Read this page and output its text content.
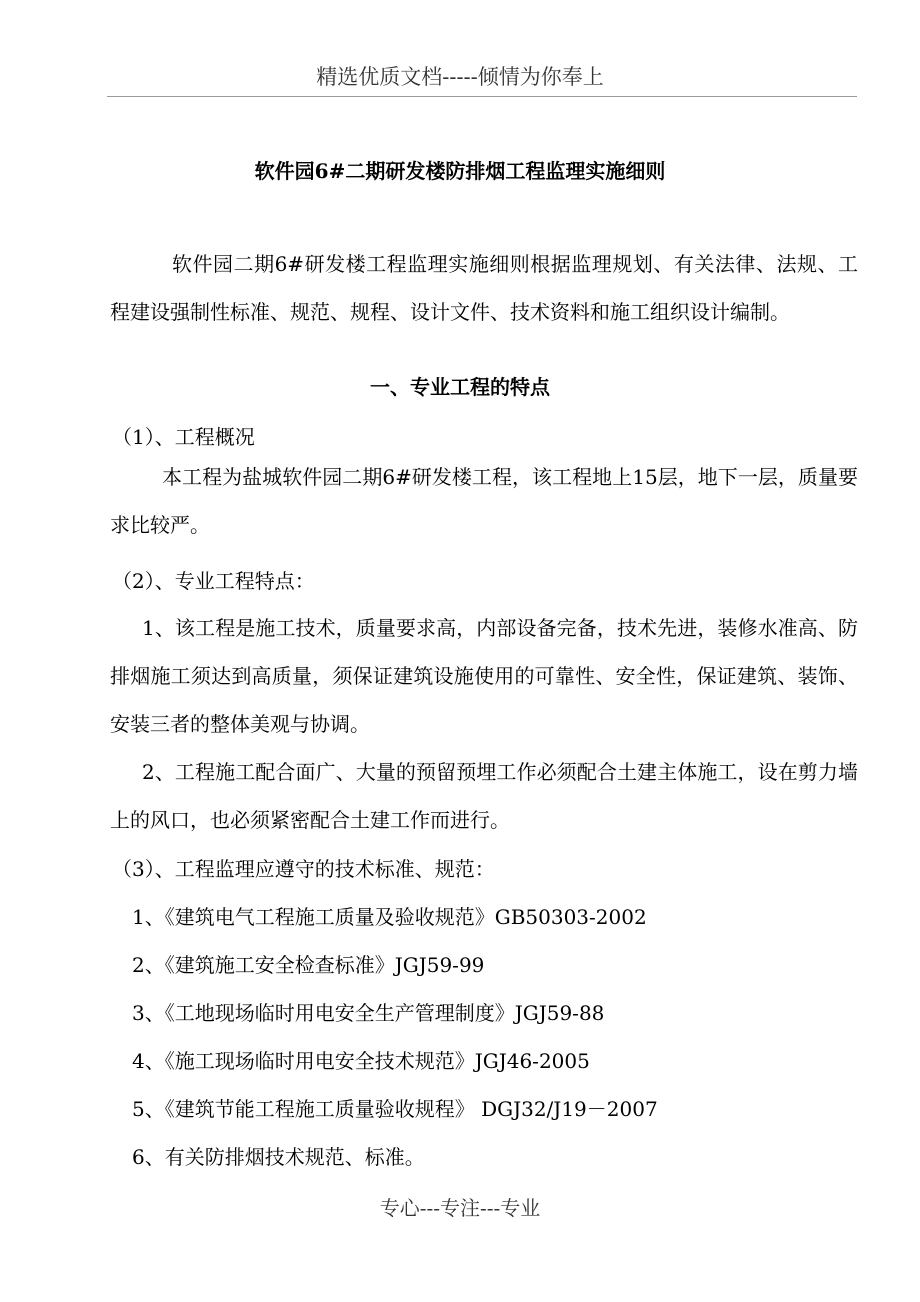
精选优质文档-----倾情为你奉上
软件园6#二期研发楼防排烟工程监理实施细则
软件园二期6#研发楼工程监理实施细则根据监理规划、有关法律、法规、工程建设强制性标准、规范、规程、设计文件、技术资料和施工组织设计编制。
一、专业工程的特点
（1）、工程概况
本工程为盐城软件园二期6#研发楼工程，该工程地上15层，地下一层，质量要求比较严。
（2）、专业工程特点：
1、该工程是施工技术，质量要求高，内部设备完备，技术先进，装修水准高、防排烟施工须达到高质量，须保证建筑设施使用的可靠性、安全性，保证建筑、装饰、安装三者的整体美观与协调。
2、工程施工配合面广、大量的预留预埋工作必须配合土建主体施工，设在剪力墙上的风口，也必须紧密配合土建工作而进行。
（3）、工程监理应遵守的技术标准、规范：
1、《建筑电气工程施工质量及验收规范》GB50303-2002
2、《建筑施工安全检查标准》JGJ59-99
3、《工地现场临时用电安全生产管理制度》JGJ59-88
4、《施工现场临时用电安全技术规范》JGJ46-2005
5、《建筑节能工程施工质量验收规程》 DGJ32/J19－2007
6、有关防排烟技术规范、标准。
专心---专注---专业
